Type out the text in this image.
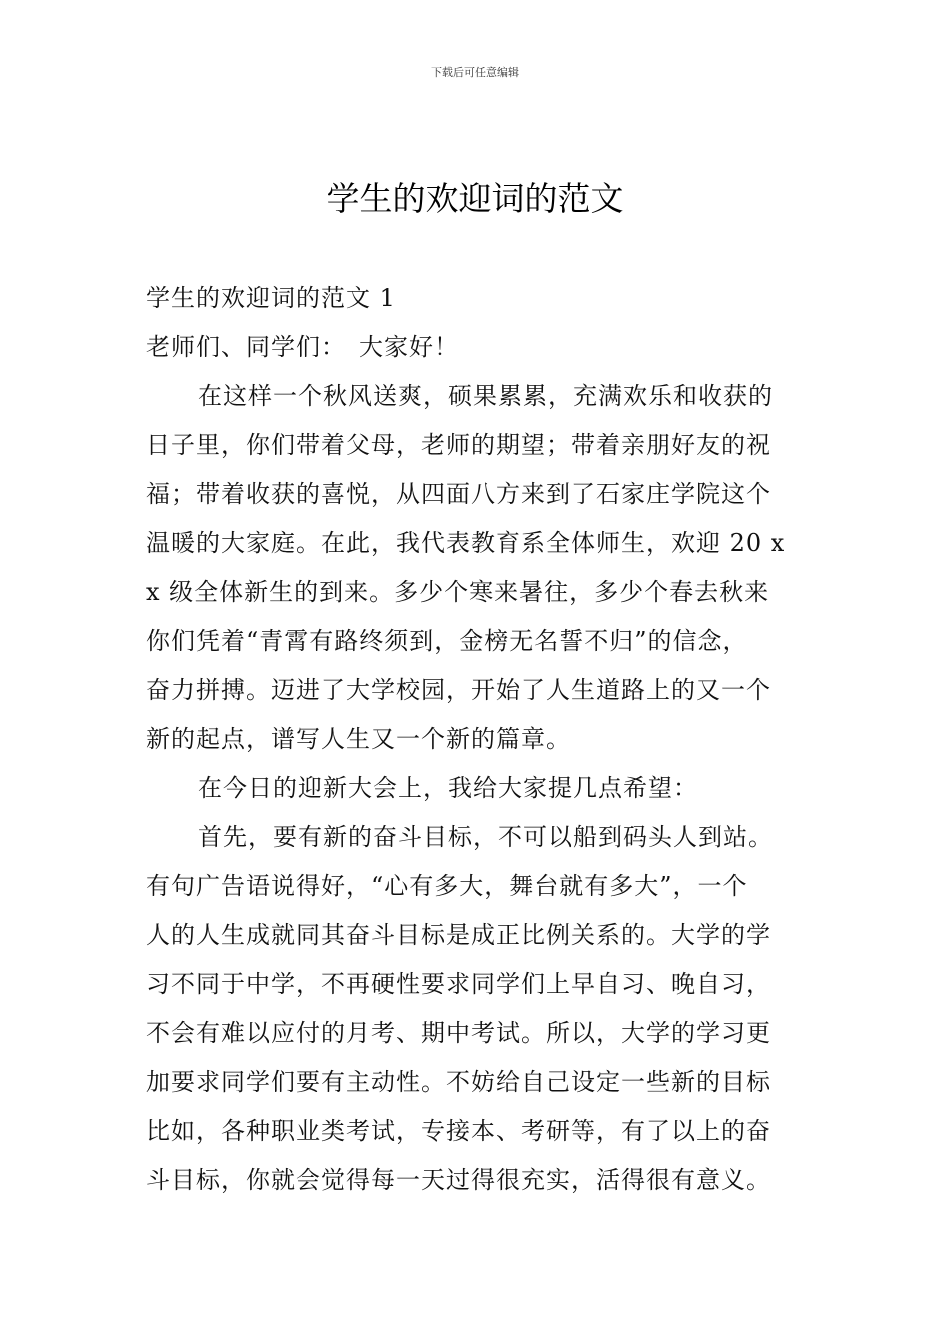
下载后可任意编辑
学生的欢迎词的范文
学生的欢迎词的范文 1
老师们、同学们：　大家好！
在这样一个秋风送爽，硕果累累，充满欢乐和收获的
日子里，你们带着父母，老师的期望；带着亲朋好友的祝
福；带着收获的喜悦，从四面八方来到了石家庄学院这个
温暖的大家庭。在此，我代表教育系全体师生，欢迎 20 x
x 级全体新生的到来。多少个寒来暑往，多少个春去秋来
你们凭着“青霄有路终须到，金榜无名誓不归”的信念，
奋力拼搏。迈进了大学校园，开始了人生道路上的又一个
新的起点，谱写人生又一个新的篇章。
在今日的迎新大会上，我给大家提几点希望：
首先，要有新的奋斗目标，不可以船到码头人到站。
有句广告语说得好，“心有多大，舞台就有多大”，一个
人的人生成就同其奋斗目标是成正比例关系的。大学的学
习不同于中学，不再硬性要求同学们上早自习、晚自习，
不会有难以应付的月考、期中考试。所以，大学的学习更
加要求同学们要有主动性。不妨给自己设定一些新的目标
比如，各种职业类考试，专接本、考研等，有了以上的奋
斗目标，你就会觉得每一天过得很充实，活得很有意义。
